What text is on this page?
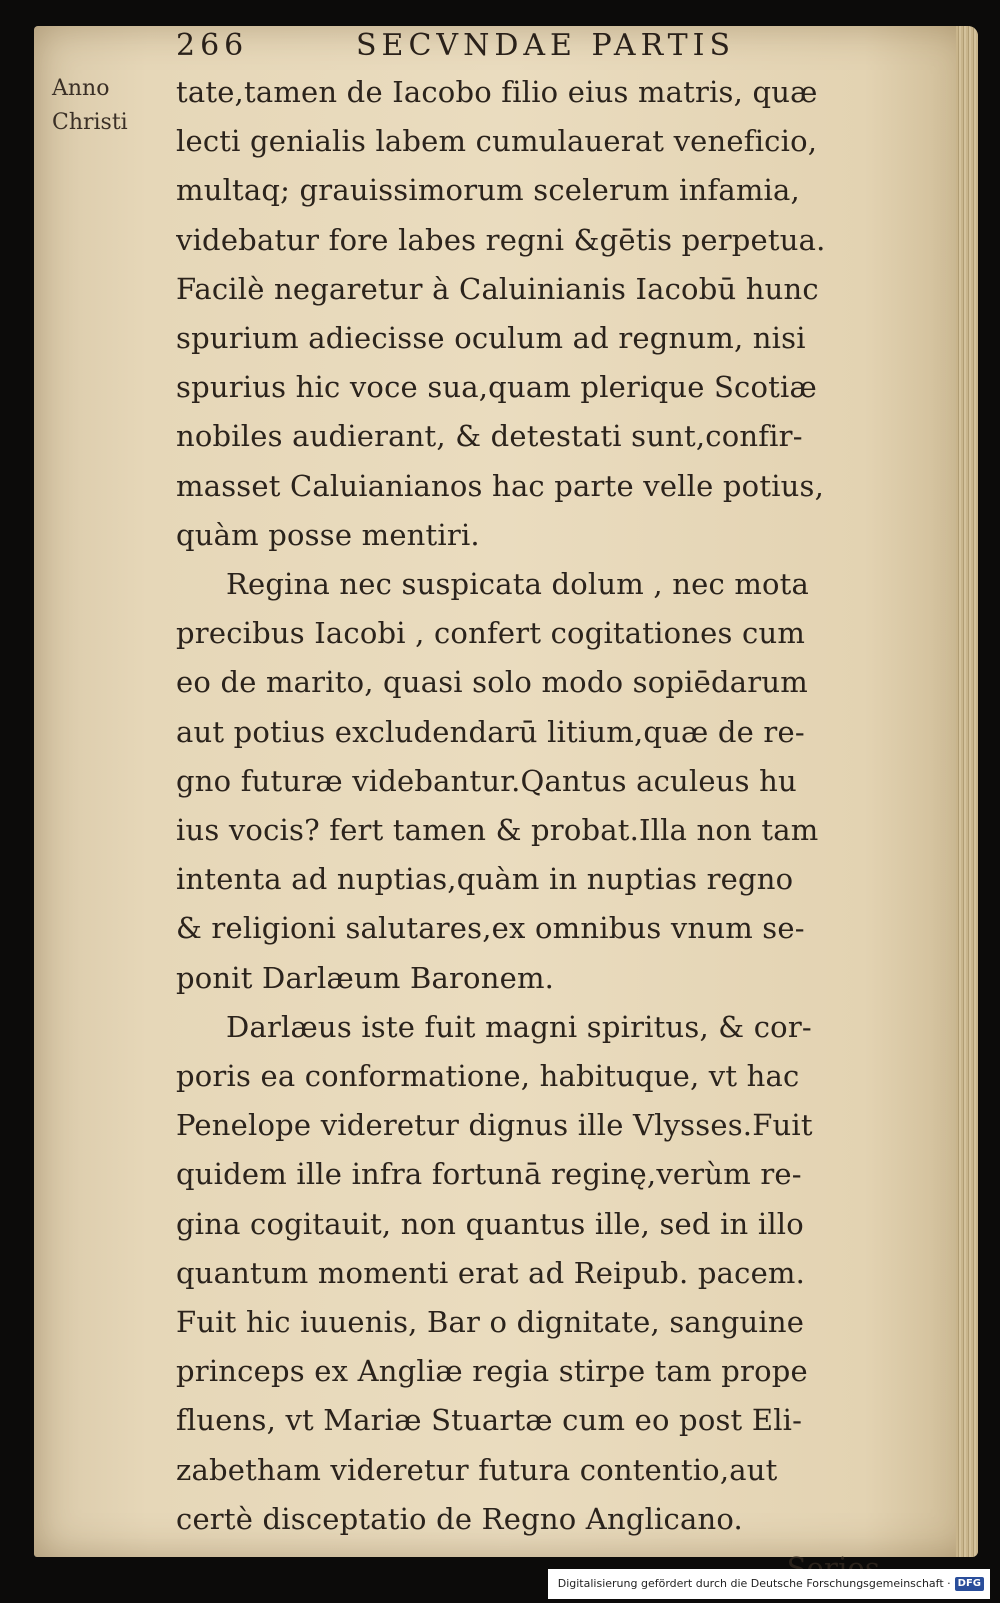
266	SECVNDAE PARTIS
Anno
Christi
tate,tamen de Iacobo filio eius matris, quæ
lecti genialis labem cumulauerat veneficio,
multaq; grauissimorum scelerum infamia,
videbatur fore labes regni &gētis perpetua.
Facilè negaretur à Caluinianis Iacobū hunc
spurium adiecisse oculum ad regnum, nisi
spurius hic voce sua,quam plerique Scotiæ
nobiles audierant, & detestati sunt,confir-
masset Caluianianos hac parte velle potius,
quàm posse mentiri.
Regina nec suspicata dolum , nec mota
precibus Iacobi , confert cogitationes cum
eo de marito, quasi solo modo sopiēdarum
aut potius excludendarū litium,quæ de re-
gno futuræ videbantur.Qantus aculeus hu
ius vocis? fert tamen & probat.Illa non tam
intenta ad nuptias,quàm in nuptias regno
& religioni salutares,ex omnibus vnum se-
ponit Darlæum Baronem.
Darlæus iste fuit magni spiritus, & cor-
poris ea conformatione, habituque, vt hac
Penelope videretur dignus ille Vlysses.Fuit
quidem ille infra fortunā reginę,verùm re-
gina cogitauit, non quantus ille, sed in illo
quantum momenti erat ad Reipub. pacem.
Fuit hic iuuenis, Bar o dignitate, sanguine
princeps ex Angliæ regia stirpe tam prope
fluens, vt Mariæ Stuartæ cum eo post Eli-
zabetham videretur futura contentio,aut
certè disceptatio de Regno Anglicano.
Digitalisierung gefördert durch die Deutsche Forschungsgemeinschaft · DFG
